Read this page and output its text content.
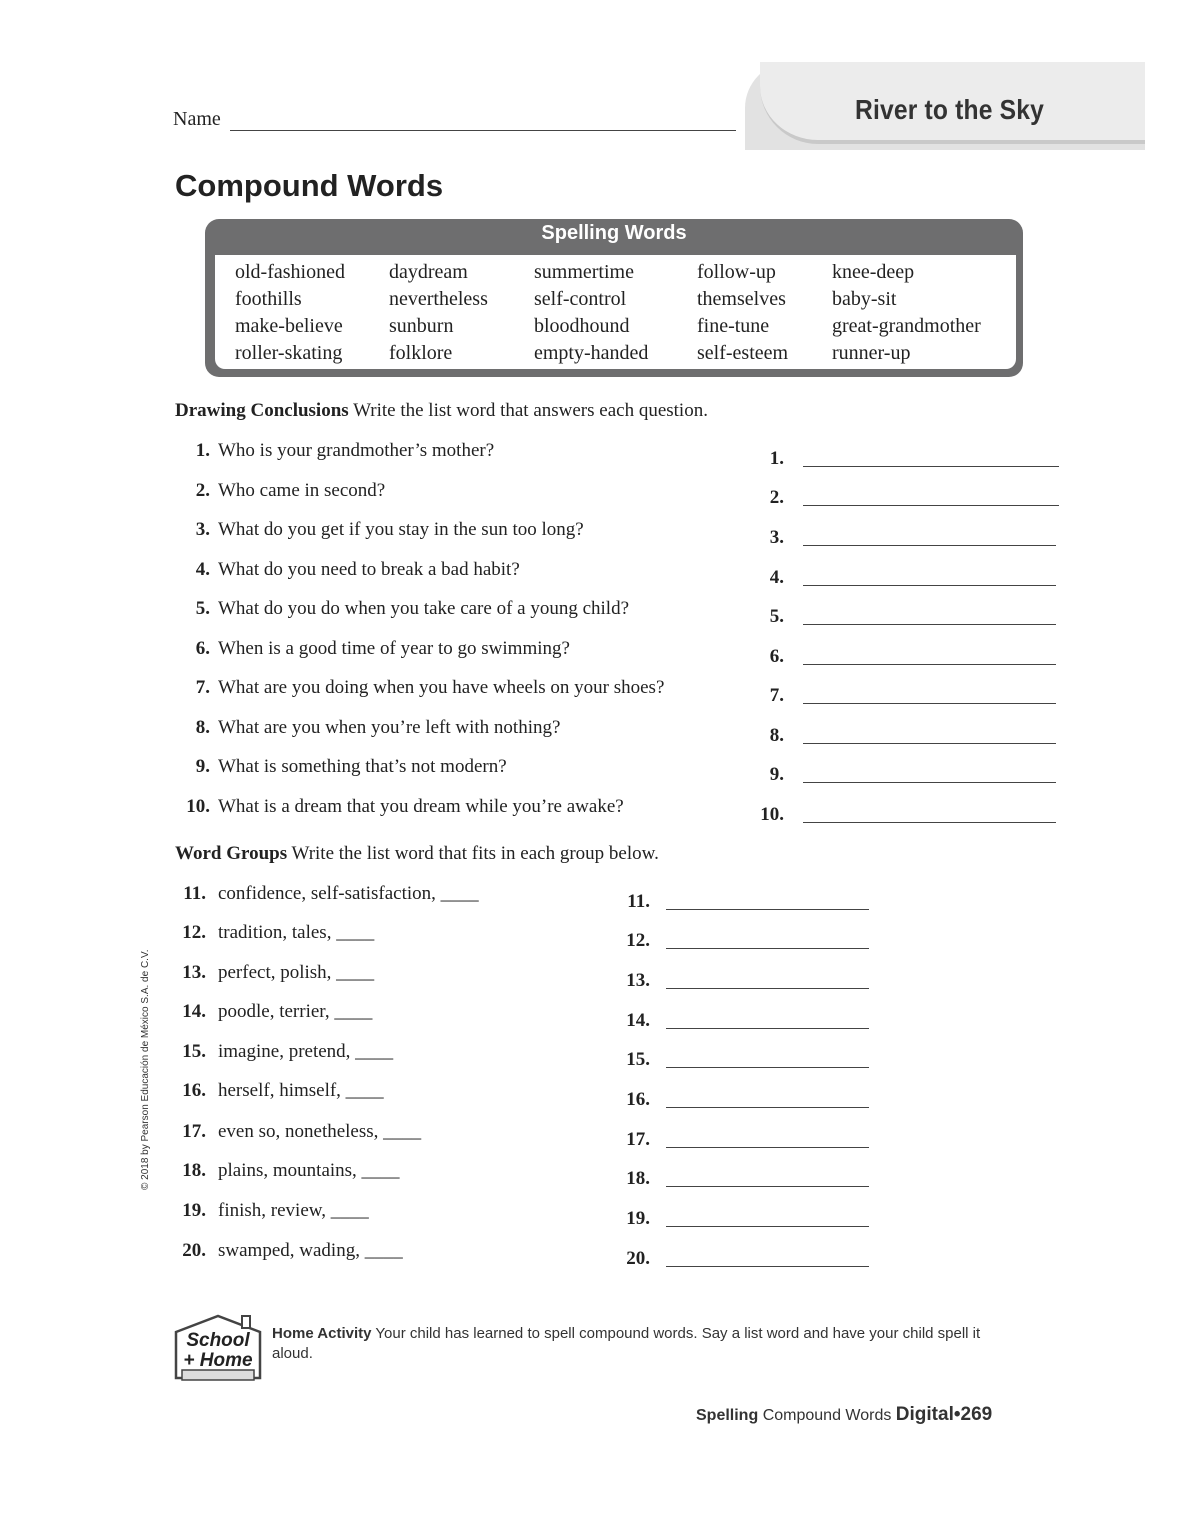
River to the Sky
Name
Compound Words
Spelling Words
old-fashioned
foothills
make-believe
roller-skating
daydream
nevertheless
sunburn
folklore
summertime
self-control
bloodhound
empty-handed
follow-up
themselves
fine-tune
self-esteem
knee-deep
baby-sit
great-grandmother
runner-up
Drawing Conclusions Write the list word that answers each question.
1. Who is your grandmother’s mother?
2. Who came in second?
3. What do you get if you stay in the sun too long?
4. What do you need to break a bad habit?
5. What do you do when you take care of a young child?
6. When is a good time of year to go swimming?
7. What are you doing when you have wheels on your shoes?
8. What are you when you’re left with nothing?
9. What is something that’s not modern?
10. What is a dream that you dream while you’re awake?
1.
2.
3.
4.
5.
6.
7.
8.
9.
10.
Word Groups Write the list word that fits in each group below.
11. confidence, self-satisfaction, ____
12. tradition, tales, ____
13. perfect, polish, ____
14. poodle, terrier, ____
15. imagine, pretend, ____
16. herself, himself, ____
17. even so, nonetheless, ____
18. plains, mountains, ____
19. finish, review, ____
20. swamped, wading, ____
11.
12.
13.
14.
15.
16.
17.
18.
19.
20.
© 2018 by Pearson Educación de México S.A. de C.V.
School
+ Home
Home Activity Your child has learned to spell compound words. Say a list word and have your child spell it aloud.
Spelling Compound Words Digital•269
